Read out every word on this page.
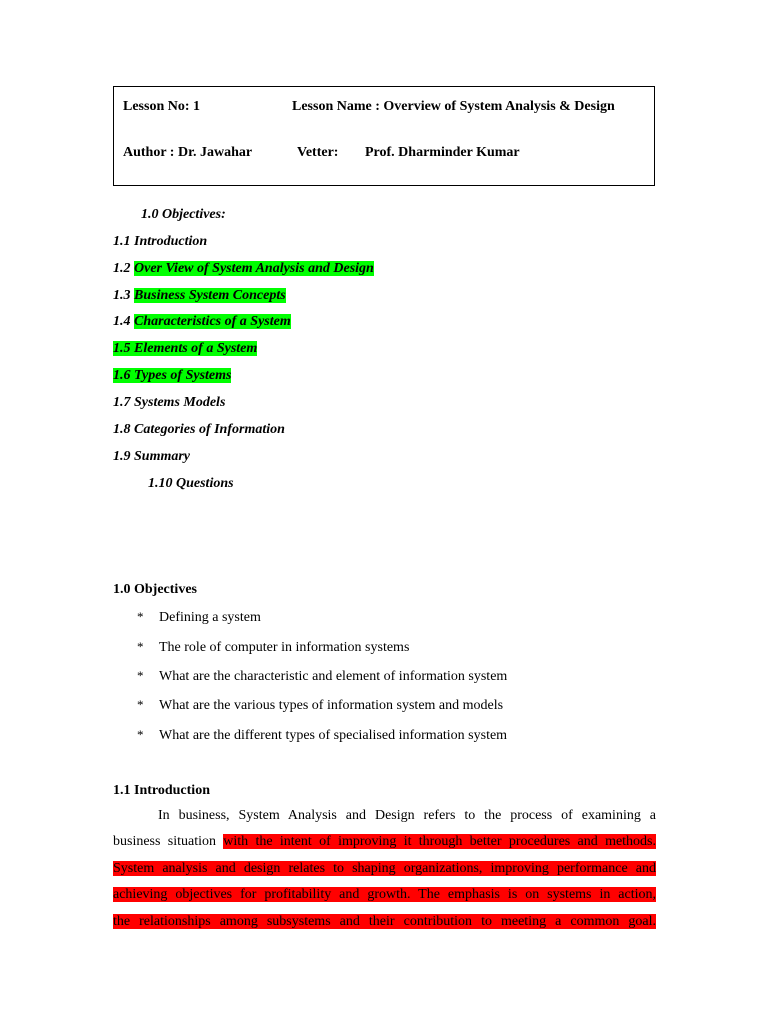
Lesson No: 1	Lesson Name : Overview of System Analysis & Design
Author : Dr. Jawahar	Vetter: Prof. Dharminder Kumar
1.0 Objectives:
1.1 Introduction
1.2 Over View of System Analysis and Design
1.3 Business System Concepts
1.4 Characteristics of a System
1.5 Elements of a System
1.6 Types of Systems
1.7 Systems Models
1.8 Categories of Information
1.9 Summary
1.10 Questions
1.0 Objectives
* Defining a system
* The role of computer in information systems
* What are the characteristic and element of information system
* What are the various types of information system and models
* What are the different types of specialised information system
1.1 Introduction
In business, System Analysis and Design refers to the process of examining a
business situation with the intent of improving it through better procedures and methods.
System analysis and design relates to shaping organizations, improving performance and
achieving objectives for profitability and growth. The emphasis is on systems in action,
the relationships among subsystems and their contribution to meeting a common goal.
